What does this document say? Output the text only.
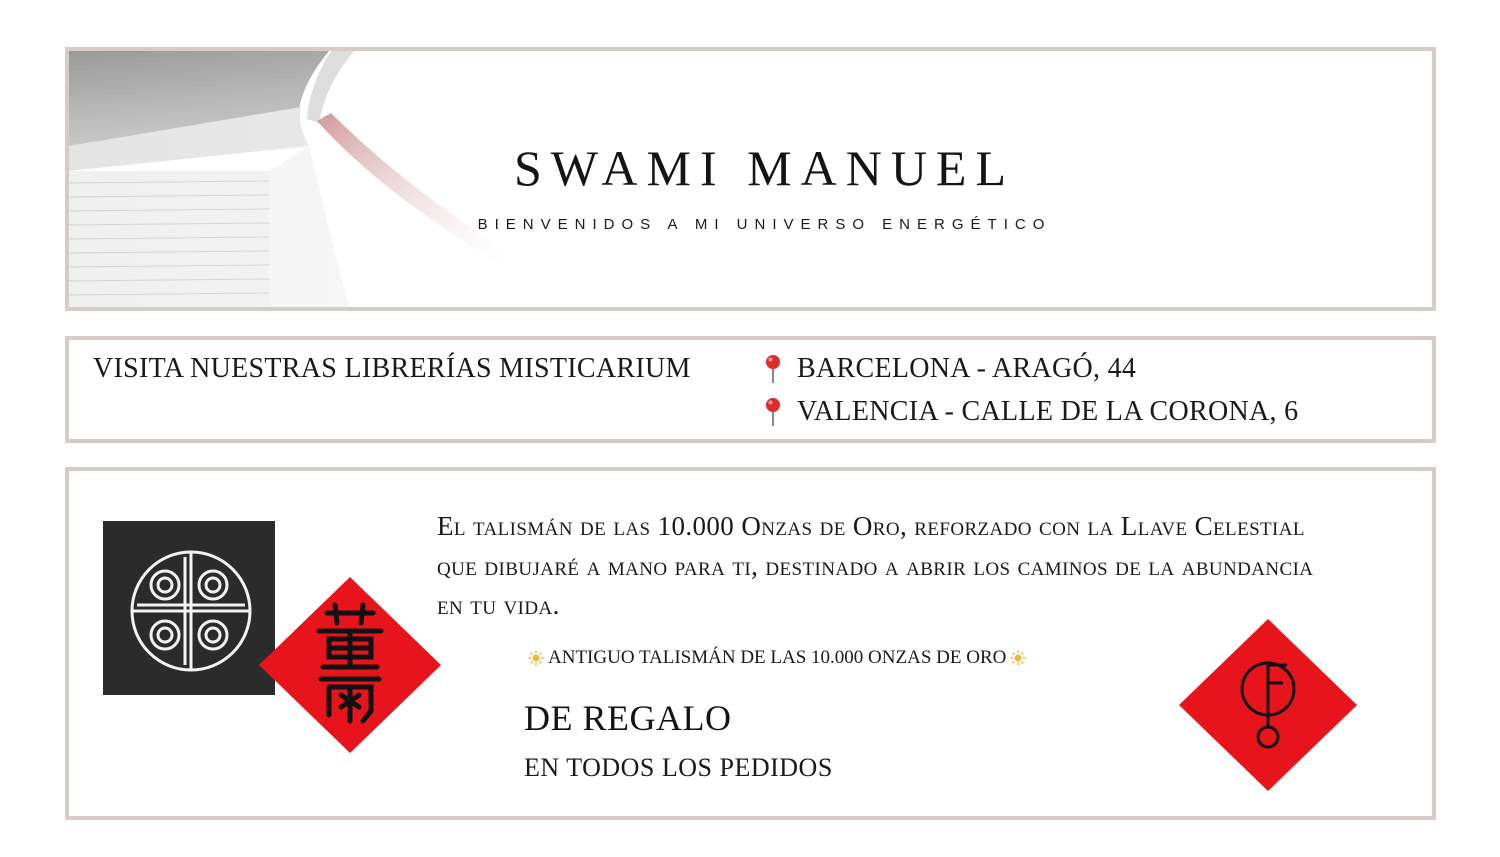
SWAMI MANUEL
BIENVENIDOS A MI UNIVERSO ENERGÉTICO
VISITA NUESTRAS LIBRERÍAS MISTICARIUM	BARCELONA - ARAGÓ, 44
VALENCIA - CALLE DE LA CORONA, 6
El talismán de las 10.000 Onzas de Oro, reforzado con la Llave Celestial que dibujaré a mano para ti, destinado a abrir los caminos de la abundancia en tu vida.
ANTIGUO TALISMÁN DE LAS 10.000 ONZAS DE ORO
DE REGALO
EN TODOS LOS PEDIDOS
